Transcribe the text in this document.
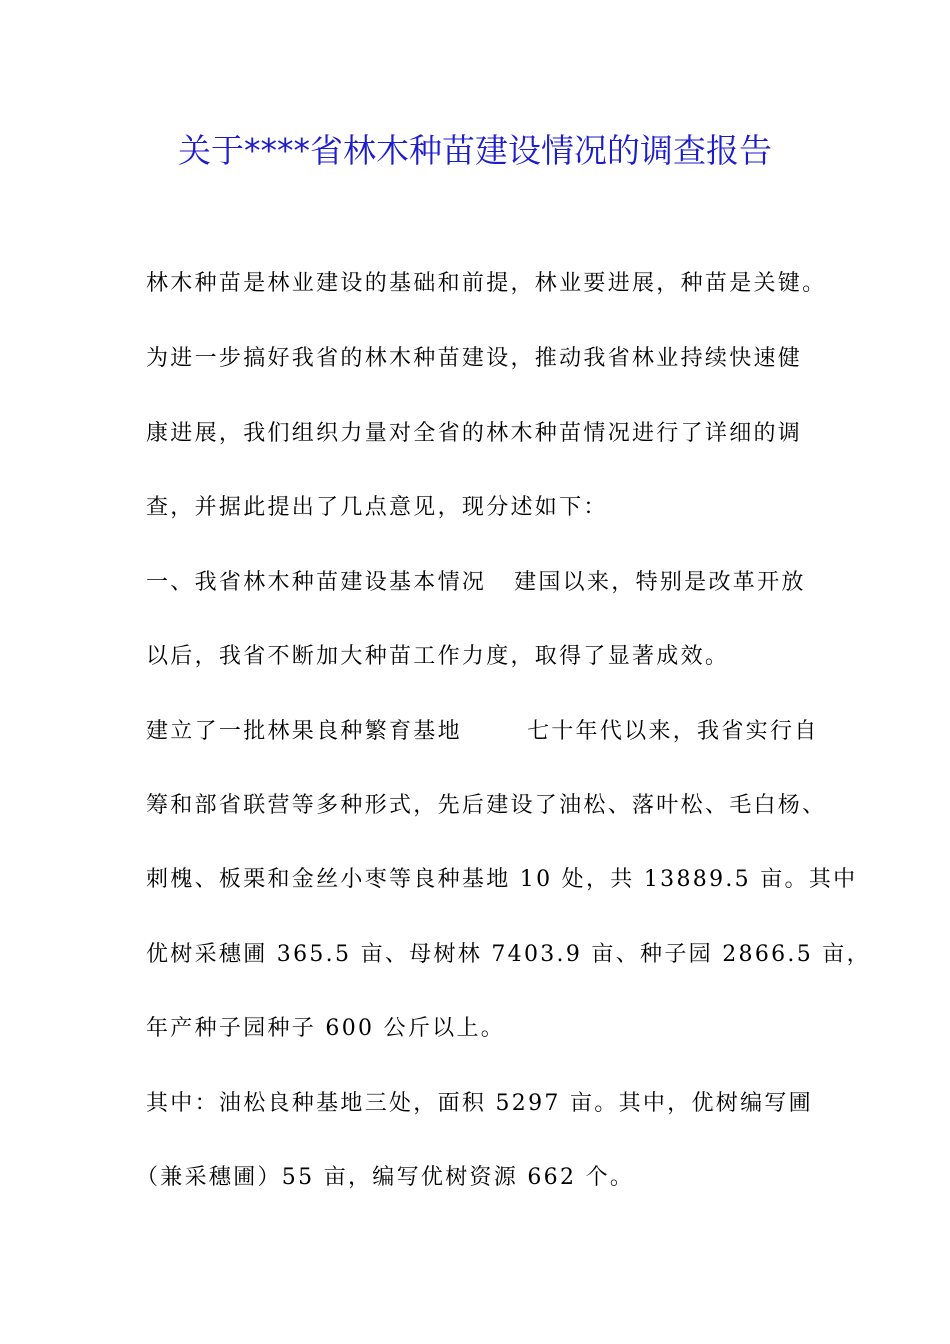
关于****省林木种苗建设情况的调查报告

林木种苗是林业建设的基础和前提，林业要进展，种苗是关键。

为进一步搞好我省的林木种苗建设，推动我省林业持续快速健

康进展，我们组织力量对全省的林木种苗情况进行了详细的调

查，并据此提出了几点意见，现分述如下：

一、我省林木种苗建设基本情况   建国以来，特别是改革开放

以后，我省不断加大种苗工作力度，取得了显著成效。

建立了一批林果良种繁育基地       七十年代以来，我省实行自

筹和部省联营等多种形式，先后建设了油松、落叶松、毛白杨、

刺槐、板栗和金丝小枣等良种基地 10 处，共 13889.5 亩。其中

优树采穗圃 365.5 亩、母树林 7403.9 亩、种子园 2866.5 亩，

年产种子园种子 600 公斤以上。

其中：油松良种基地三处，面积 5297 亩。其中，优树编写圃

（兼采穗圃）55 亩，编写优树资源 662 个。
